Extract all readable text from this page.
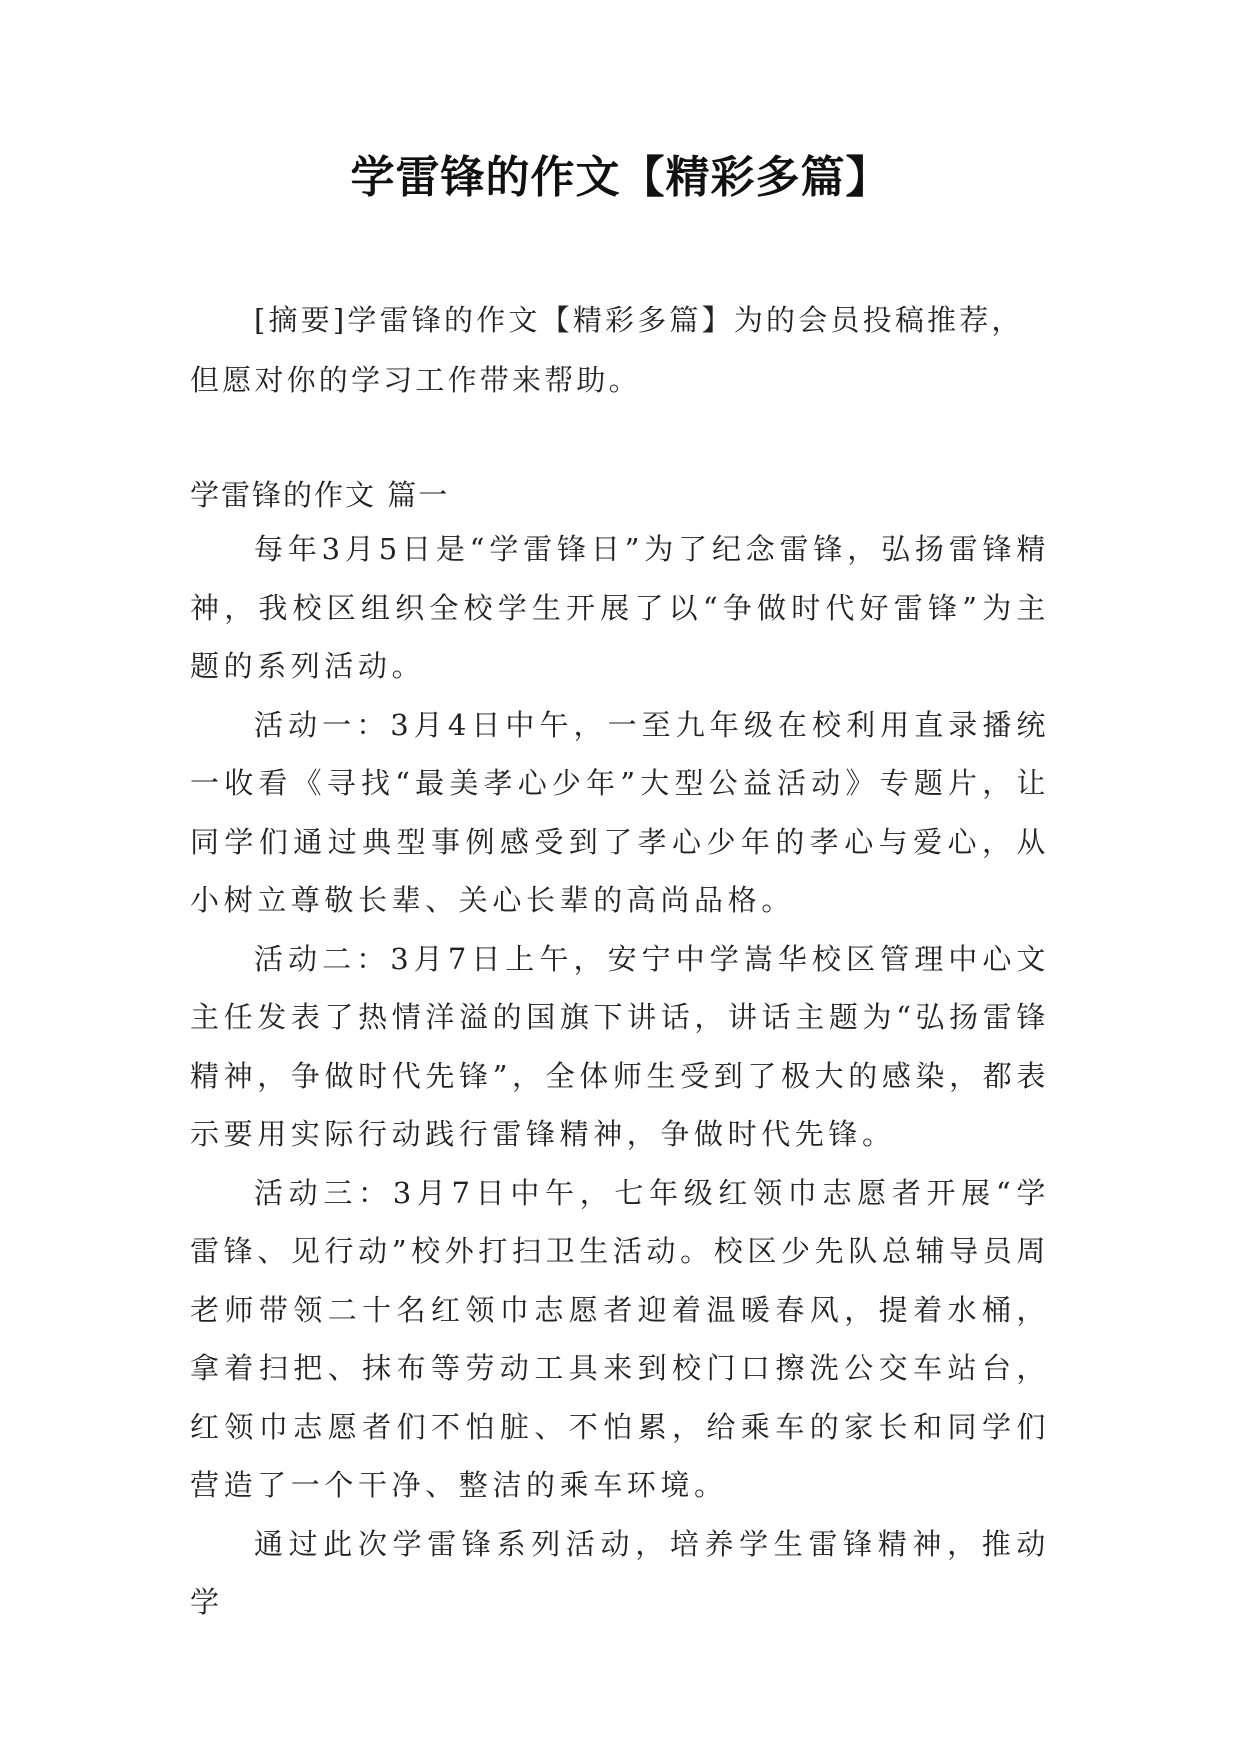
学雷锋的作文【精彩多篇】

[摘要]学雷锋的作文【精彩多篇】为的会员投稿推荐，但愿对你的学习工作带来帮助。

学雷锋的作文 篇一

每年3月5日是“学雷锋日”为了纪念雷锋，弘扬雷锋精神，我校区组织全校学生开展了以“争做时代好雷锋”为主题的系列活动。

活动一：3月4日中午，一至九年级在校利用直录播统一收看《寻找“最美孝心少年”大型公益活动》专题片，让同学们通过典型事例感受到了孝心少年的孝心与爱心，从小树立尊敬长辈、关心长辈的高尚品格。

活动二：3月7日上午，安宁中学嵩华校区管理中心文主任发表了热情洋溢的国旗下讲话，讲话主题为“弘扬雷锋精神，争做时代先锋”，全体师生受到了极大的感染，都表示要用实际行动践行雷锋精神，争做时代先锋。

活动三：3月7日中午，七年级红领巾志愿者开展“学雷锋、见行动”校外打扫卫生活动。校区少先队总辅导员周老师带领二十名红领巾志愿者迎着温暖春风，提着水桶，拿着扫把、抹布等劳动工具来到校门口擦洗公交车站台，红领巾志愿者们不怕脏、不怕累，给乘车的家长和同学们营造了一个干净、整洁的乘车环境。

通过此次学雷锋系列活动，培养学生雷锋精神，推动学
